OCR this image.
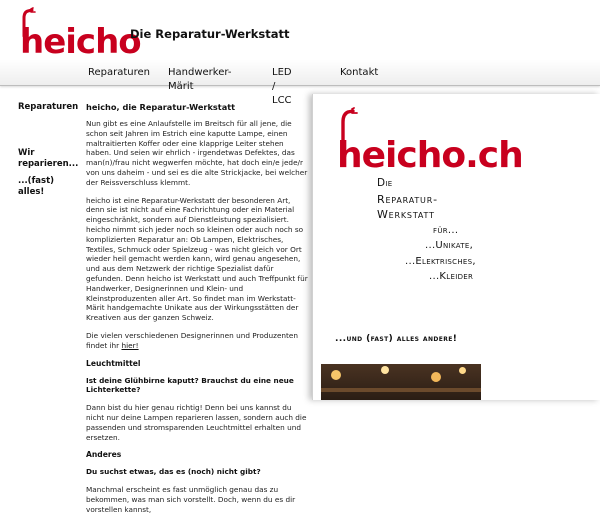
heicho
Die Reparatur-Werkstatt
Reparaturen Handwerker-Märit
LED / LCC
Kontakt
Reparaturen
Wir reparieren...
...(fast) alles!
heicho, die Reparatur-Werkstatt

Nun gibt es eine Anlaufstelle im Breitsch für all jene, die schon seit Jahren im Estrich eine kaputte Lampe, einen maltraitierten Koffer oder eine klapprige Leiter stehen haben. Und seien wir ehrlich - irgendetwas Defektes, das man(n)/frau nicht wegwerfen möchte, hat doch ein/e jede/r von uns daheim - und sei es die alte Strickjacke, bei welcher der Reissverschluss klemmt.

heicho ist eine Reparatur-Werkstatt der besonderen Art, denn sie ist nicht auf eine Fachrichtung oder ein Material eingeschränkt, sondern auf Dienstleistung spezialisiert. heicho nimmt sich jeder noch so kleinen oder auch noch so komplizierten Reparatur an: Ob Lampen, Elektrisches, Textiles, Schmuck oder Spielzeug - was nicht gleich vor Ort wieder heil gemacht werden kann, wird genau angesehen, und aus dem Netzwerk der richtige Spezialist dafür gefunden. Denn heicho ist Werkstatt und auch Treffpunkt für Handwerker, Designerinnen und Klein- und Kleinstproduzenten aller Art. So findet man im Werkstatt-Märit handgemachte Unikate aus der Wirkungsstätten der Kreativen aus der ganzen Schweiz.

Die vielen verschiedenen Designerinnen und Produzenten findet ihr hier!

Leuchtmittel

Ist deine Glühbirne kaputt? Brauchst du eine neue Lichterkette?

Dann bist du hier genau richtig! Denn bei uns kannst du nicht nur deine Lampen reparieren lassen, sondern auch die passenden und stromsparenden Leuchtmittel erhalten und ersetzen.

Anderes

Du suchst etwas, das es (noch) nicht gibt?

Manchmal erscheint es fast unmöglich genau das zu bekommen, was man sich vorstellt. Doch, wenn du es dir vorstellen kannst,

heicho.ch
Die
Reparatur-
Werkstatt
für...
...Unikate,
...Elektrisches,
...Kleider
...und (fast) alles andere!
